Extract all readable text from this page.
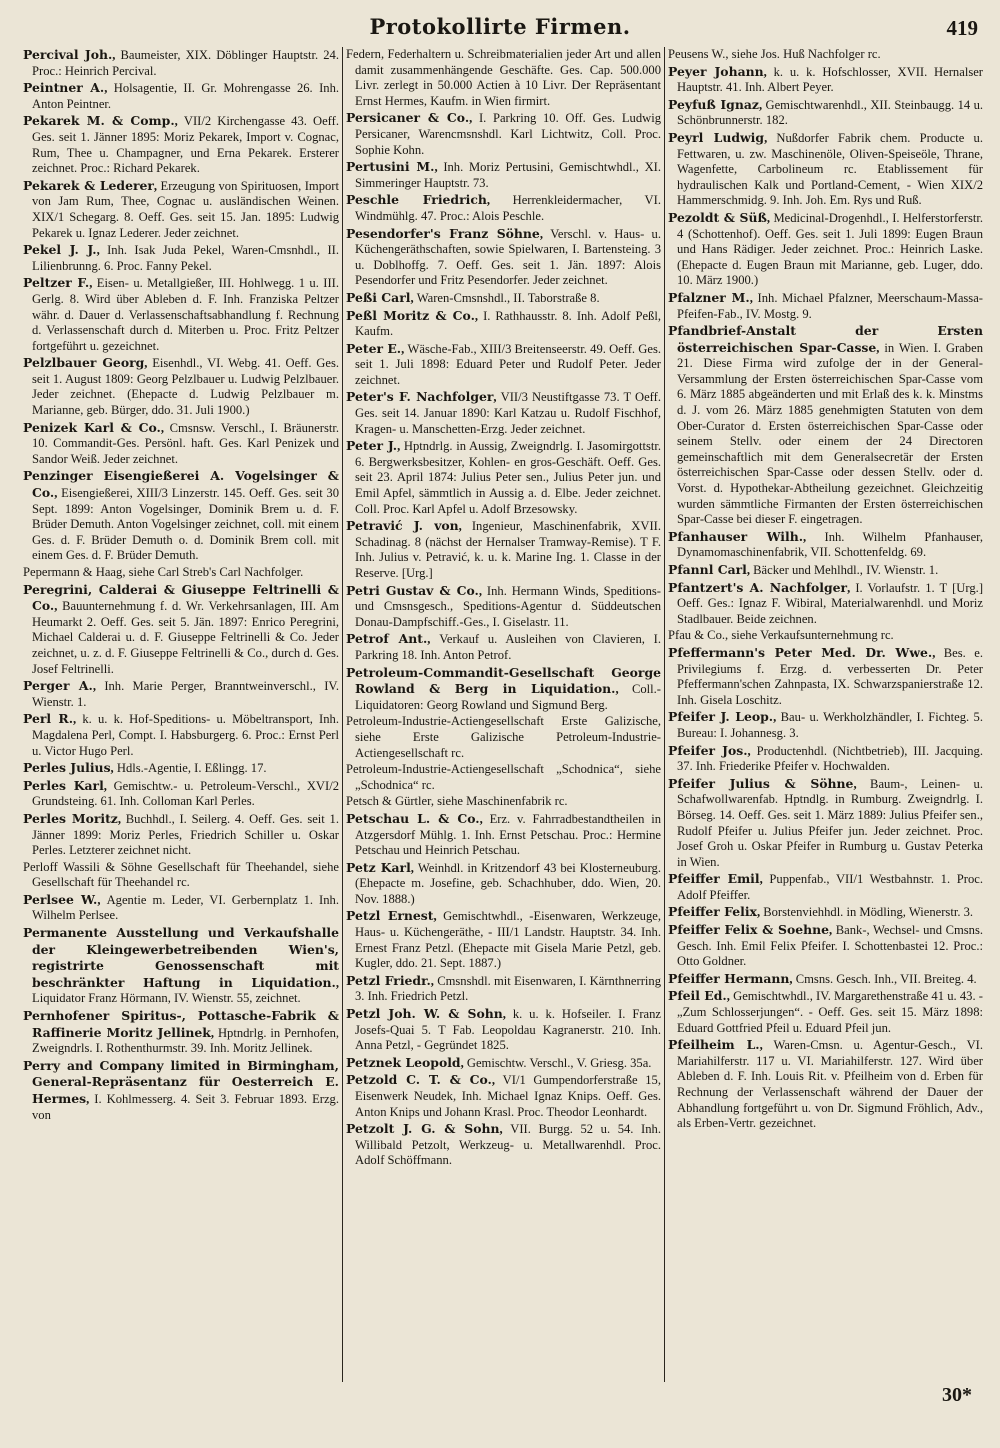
Protokollirte Firmen.	419

Percival Joh., Baumeister, XIX. Döblinger Hauptstr. 24. Proc.: Heinrich Percival.

Peintner A., Holsagentie, II. Gr. Mohrengasse 26. Inh. Anton Peintner.

Pekarek M. & Comp., VII/2 Kirchengasse 43. Oeff. Ges. seit 1. Jänner 1895: Moriz Pekarek, Import v. Cognac, Rum, Thee u. Champagner, und Erna Pekarek. Ersterer zeichnet. Proc.: Richard Pekarek.

Pekarek & Lederer, Erzeugung von Spirituosen, Import von Jam Rum, Thee, Cognac u. ausländischen Weinen. XIX/1 Schegarg. 8. Oeff. Ges. seit 15. Jan. 1895: Ludwig Pekarek u. Ignaz Lederer. Jeder zeichnet.

Pekel J. J., Inh. Isak Juda Pekel, Waren-Cmsnhdl., II. Lilienbrunng. 6. Proc. Fanny Pekel.

Peltzer F., Eisen- u. Metallgießer, III. Hohlwegg. 1 u. III. Gerlg. 8. Wird über Ableben d. F. Inh. Franziska Peltzer währ. d. Dauer d. Verlassenschaftsabhandlung f. Rechnung d. Verlassenschaft durch d. Miterben u. Proc. Fritz Peltzer fortgeführt u. gezeichnet.

Pelzlbauer Georg, Eisenhdl., VI. Webg. 41. Oeff. Ges. seit 1. August 1809: Georg Pelzlbauer u. Ludwig Pelzlbauer. Jeder zeichnet. (Ehepacte d. Ludwig Pelzlbauer m. Marianne, geb. Bürger, ddo. 31. Juli 1900.)

Penizek Karl & Co., Cmsnsw. Verschl., I. Bräunerstr. 10. Commandit-Ges. Persönl. haft. Ges. Karl Penizek und Sandor Weiß. Jeder zeichnet.

Penzinger Eisengießerei A. Vogelsinger & Co., Eisengießerei, XIII/3 Linzerstr. 145. Oeff. Ges. seit 30 Sept. 1899: Anton Vogelsinger, Dominik Brem u. d. F. Brüder Demuth. Anton Vogelsinger zeichnet, coll. mit einem Ges. d. F. Brüder Demuth o. d. Dominik Brem coll. mit einem Ges. d. F. Brüder Demuth.

Pepermann & Haag, siehe Carl Streb's Carl Nachfolger.

Peregrini, Calderai & Giuseppe Feltrinelli & Co., Bauunternehmung f. d. Wr. Verkehrsanlagen, III. Am Heumarkt 2. Oeff. Ges. seit 5. Jän. 1897: Enrico Peregrini, Michael Calderai u. d. F. Giuseppe Feltrinelli & Co. Jeder zeichnet, u. z. d. F. Giuseppe Feltrinelli & Co., durch d. Ges. Josef Feltrinelli.

Perger A., Inh. Marie Perger, Branntweinverschl., IV. Wienstr. 1.

Perl R., k. u. k. Hof-Speditions- u. Möbeltransport, Inh. Magdalena Perl, Compt. I. Habsburgerg. 6. Proc.: Ernst Perl u. Victor Hugo Perl.

Perles Julius, Hdls.-Agentie, I. Eßlingg. 17.

Perles Karl, Gemischtw.- u. Petroleum-Verschl., XVI/2 Grundsteing. 61. Inh. Colloman Karl Perles.

Perles Moritz, Buchhdl., I. Seilerg. 4. Oeff. Ges. seit 1. Jänner 1899: Moriz Perles, Friedrich Schiller u. Oskar Perles. Letzterer zeichnet nicht.

Perloff Wassili & Söhne Gesellschaft für Theehandel, siehe Gesellschaft für Theehandel rc.

Perlsee W., Agentie m. Leder, VI. Gerbernplatz 1. Inh. Wilhelm Perlsee.

Permanente Ausstellung und Verkaufshalle der Kleingewerbetreibenden Wien's, registrirte Genossenschaft mit beschränkter Haftung in Liquidation., Liquidator Franz Hörmann, IV. Wienstr. 55, zeichnet.

Pernhofener Spiritus-, Pottasche-Fabrik & Raffinerie Moritz Jellinek, Hptndrlg. in Pernhofen, Zweigndrls. I. Rothenthurmstr. 39. Inh. Moritz Jellinek.

Perry and Company limited in Birmingham, General-Repräsentanz für Oesterreich E. Hermes, I. Kohlmesserg. 4. Seit 3. Februar 1893. Erzg. von

Federn, Federhaltern u. Schreibmaterialien jeder Art und allen damit zusammenhängende Geschäfte. Ges. Cap. 500.000 Livr. zerlegt in 50.000 Actien à 10 Livr. Der Repräsentant Ernst Hermes, Kaufm. in Wien firmirt.

Persicaner & Co., I. Parkring 10. Off. Ges. Ludwig Persicaner, Warencmsnshdl. Karl Lichtwitz, Coll. Proc. Sophie Kohn.

Pertusini M., Inh. Moriz Pertusini, Gemischtwhdl., XI. Simmeringer Hauptstr. 73.

Peschle Friedrich, Herrenkleidermacher, VI. Windmühlg. 47. Proc.: Alois Peschle.

Pesendorfer's Franz Söhne, Verschl. v. Haus- u. Küchengeräthschaften, sowie Spielwaren, I. Bartensteing. 3 u. Doblhoffg. 7. Oeff. Ges. seit 1. Jän. 1897: Alois Pesendorfer und Fritz Pesendorfer. Jeder zeichnet.

Peßi Carl, Waren-Cmsnshdl., II. Taborstraße 8.

Peßl Moritz & Co., I. Rathhausstr. 8. Inh. Adolf Peßl, Kaufm.

Peter E., Wäsche-Fab., XIII/3 Breitenseerstr. 49. Oeff. Ges. seit 1. Juli 1898: Eduard Peter und Rudolf Peter. Jeder zeichnet.

Peter's F. Nachfolger, VII/3 Neustiftgasse 73. T Oeff. Ges. seit 14. Januar 1890: Karl Katzau u. Rudolf Fischhof, Kragen- u. Manschetten-Erzg. Jeder zeichnet.

Peter J., Hptndrlg. in Aussig, Zweigndrlg. I. Jasomirgottstr. 6. Bergwerksbesitzer, Kohlen- en gros-Geschäft. Oeff. Ges. seit 23. April 1874: Julius Peter sen., Julius Peter jun. und Emil Apfel, sämmtlich in Aussig a. d. Elbe. Jeder zeichnet. Coll. Proc. Karl Apfel u. Adolf Brzesowsky.

Petravić J. von, Ingenieur, Maschinenfabrik, XVII. Schadinag. 8 (nächst der Hernalser Tramway-Remise). T F. Inh. Julius v. Petravić, k. u. k. Marine Ing. 1. Classe in der Reserve. [Urg.]

Petri Gustav & Co., Inh. Hermann Winds, Speditions- und Cmsnsgesch., Speditions-Agentur d. Süddeutschen Donau-Dampfschiff.-Ges., I. Giselastr. 11.

Petrof Ant., Verkauf u. Ausleihen von Clavieren, I. Parkring 18. Inh. Anton Petrof.

Petroleum-Commandit-Gesellschaft George Rowland & Berg in Liquidation., Coll.-Liquidatoren: Georg Rowland und Sigmund Berg.

Petroleum-Industrie-Actiengesellschaft Erste Galizische, siehe Erste Galizische Petroleum-Industrie-Actiengesellschaft rc.

Petroleum-Industrie-Actiengesellschaft „Schodnica“, siehe „Schodnica“ rc.

Petsch & Gürtler, siehe Maschinenfabrik rc.

Petschau L. & Co., Erz. v. Fahrradbestandtheilen in Atzgersdorf Mühlg. 1. Inh. Ernst Petschau. Proc.: Hermine Petschau und Heinrich Petschau.

Petz Karl, Weinhdl. in Kritzendorf 43 bei Klosterneuburg. (Ehepacte m. Josefine, geb. Schachhuber, ddo. Wien, 20. Nov. 1888.)

Petzl Ernest, Gemischtwhdl., -Eisenwaren, Werkzeuge, Haus- u. Küchengeräthe, - III/1 Landstr. Hauptstr. 34. Inh. Ernest Franz Petzl. (Ehepacte mit Gisela Marie Petzl, geb. Kugler, ddo. 21. Sept. 1887.)

Petzl Friedr., Cmsnshdl. mit Eisenwaren, I. Kärnthnerring 3. Inh. Friedrich Petzl.

Petzl Joh. W. & Sohn, k. u. k. Hofseiler. I. Franz Josefs-Quai 5. T Fab. Leopoldau Kagranerstr. 210. Inh. Anna Petzl, - Gegründet 1825.

Petznek Leopold, Gemischtw. Verschl., V. Griesg. 35a.

Petzold C. T. & Co., VI/1 Gumpendorferstraße 15, Eisenwerk Neudek, Inh. Michael Ignaz Knips. Oeff. Ges. Anton Knips und Johann Krasl. Proc. Theodor Leonhardt.

Petzolt J. G. & Sohn, VII. Burgg. 52 u. 54. Inh. Willibald Petzolt, Werkzeug- u. Metallwarenhdl. Proc. Adolf Schöffmann.

Peusens W., siehe Jos. Huß Nachfolger rc.

Peyer Johann, k. u. k. Hofschlosser, XVII. Hernalser Hauptstr. 41. Inh. Albert Peyer.

Peyfuß Ignaz, Gemischtwarenhdl., XII. Steinbaugg. 14 u. Schönbrunnerstr. 182.

Peyrl Ludwig, Nußdorfer Fabrik chem. Producte u. Fettwaren, u. zw. Maschinenöle, Oliven-Speiseöle, Thrane, Wagenfette, Carbolineum rc. Etablissement für hydraulischen Kalk und Portland-Cement, - Wien XIX/2 Hammerschmidg. 9. Inh. Joh. Em. Rys und Ruß.

Pezoldt & Süß, Medicinal-Drogenhdl., I. Helferstorferstr. 4 (Schottenhof). Oeff. Ges. seit 1. Juli 1899: Eugen Braun und Hans Rädiger. Jeder zeichnet. Proc.: Heinrich Laske. (Ehepacte d. Eugen Braun mit Marianne, geb. Luger, ddo. 10. März 1900.)

Pfalzner M., Inh. Michael Pfalzner, Meerschaum-Massa-Pfeifen-Fab., IV. Mostg. 9.

Pfandbrief-Anstalt der Ersten österreichischen Spar-Casse, in Wien. I. Graben 21. Diese Firma wird zufolge der in der General-Versammlung der Ersten österreichischen Spar-Casse vom 6. März 1885 abgeänderten und mit Erlaß des k. k. Minstms d. J. vom 26. März 1885 genehmigten Statuten von dem Ober-Curator d. Ersten österreichischen Spar-Casse oder seinem Stellv. oder einem der 24 Directoren gemeinschaftlich mit dem Generalsecretär der Ersten österreichischen Spar-Casse oder dessen Stellv. oder d. Vorst. d. Hypothekar-Abtheilung gezeichnet. Gleichzeitig wurden sämmtliche Firmanten der Ersten österreichischen Spar-Casse bei dieser F. eingetragen.

Pfanhauser Wilh., Inh. Wilhelm Pfanhauser, Dynamomaschinenfabrik, VII. Schottenfeldg. 69.

Pfannl Carl, Bäcker und Mehlhdl., IV. Wienstr. 1.

Pfantzert's A. Nachfolger, I. Vorlaufstr. 1. T [Urg.] Oeff. Ges.: Ignaz F. Wibiral, Materialwarenhdl. und Moriz Stadlbauer. Beide zeichnen.

Pfau & Co., siehe Verkaufsunternehmung rc.

Pfeffermann's Peter Med. Dr. Wwe., Bes. e. Privilegiums f. Erzg. d. verbesserten Dr. Peter Pfeffermann'schen Zahnpasta, IX. Schwarzspanierstraße 12. Inh. Gisela Loschitz.

Pfeifer J. Leop., Bau- u. Werkholzhändler, I. Fichteg. 5. Bureau: I. Johannesg. 3.

Pfeifer Jos., Productenhdl. (Nichtbetrieb), III. Jacquing. 37. Inh. Friederike Pfeifer v. Hochwalden.

Pfeifer Julius & Söhne, Baum-, Leinen- u. Schafwollwarenfab. Hptndlg. in Rumburg. Zweigndrlg. I. Börseg. 14. Oeff. Ges. seit 1. März 1889: Julius Pfeifer sen., Rudolf Pfeifer u. Julius Pfeifer jun. Jeder zeichnet. Proc. Josef Groh u. Oskar Pfeifer in Rumburg u. Gustav Peterka in Wien.

Pfeiffer Emil, Puppenfab., VII/1 Westbahnstr. 1. Proc. Adolf Pfeiffer.

Pfeiffer Felix, Borstenviehhdl. in Mödling, Wienerstr. 3.

Pfeiffer Felix & Soehne, Bank-, Wechsel- und Cmsns. Gesch. Inh. Emil Felix Pfeifer. I. Schottenbastei 12. Proc.: Otto Goldner.

Pfeiffer Hermann, Cmsns. Gesch. Inh., VII. Breiteg. 4.

Pfeil Ed., Gemischtwhdl., IV. Margarethenstraße 41 u. 43. - „Zum Schlosserjungen“. - Oeff. Ges. seit 15. März 1898: Eduard Gottfried Pfeil u. Eduard Pfeil jun.

Pfeilheim L., Waren-Cmsn. u. Agentur-Gesch., VI. Mariahilferstr. 117 u. VI. Mariahilferstr. 127. Wird über Ableben d. F. Inh. Louis Rit. v. Pfeilheim von d. Erben für Rechnung der Verlassenschaft während der Dauer der Abhandlung fortgeführt u. von Dr. Sigmund Fröhlich, Adv., als Erben-Vertr. gezeichnet.

30*
